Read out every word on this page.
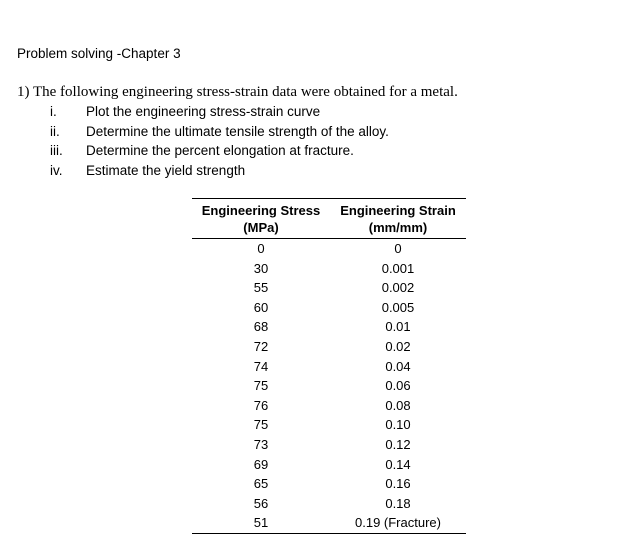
Problem solving -Chapter 3
1) The following engineering stress-strain data were obtained for a metal.
i.	Plot the engineering stress-strain curve
ii.	Determine the ultimate tensile strength of the alloy.
iii.	Determine the percent elongation at fracture.
iv.	Estimate the yield strength
Engineering Stress	Engineering Strain
(MPa)	(mm/mm)
0	0
30	0.001
55	0.002
60	0.005
68	0.01
72	0.02
74	0.04
75	0.06
76	0.08
75	0.10
73	0.12
69	0.14
65	0.16
56	0.18
51	0.19 (Fracture)
